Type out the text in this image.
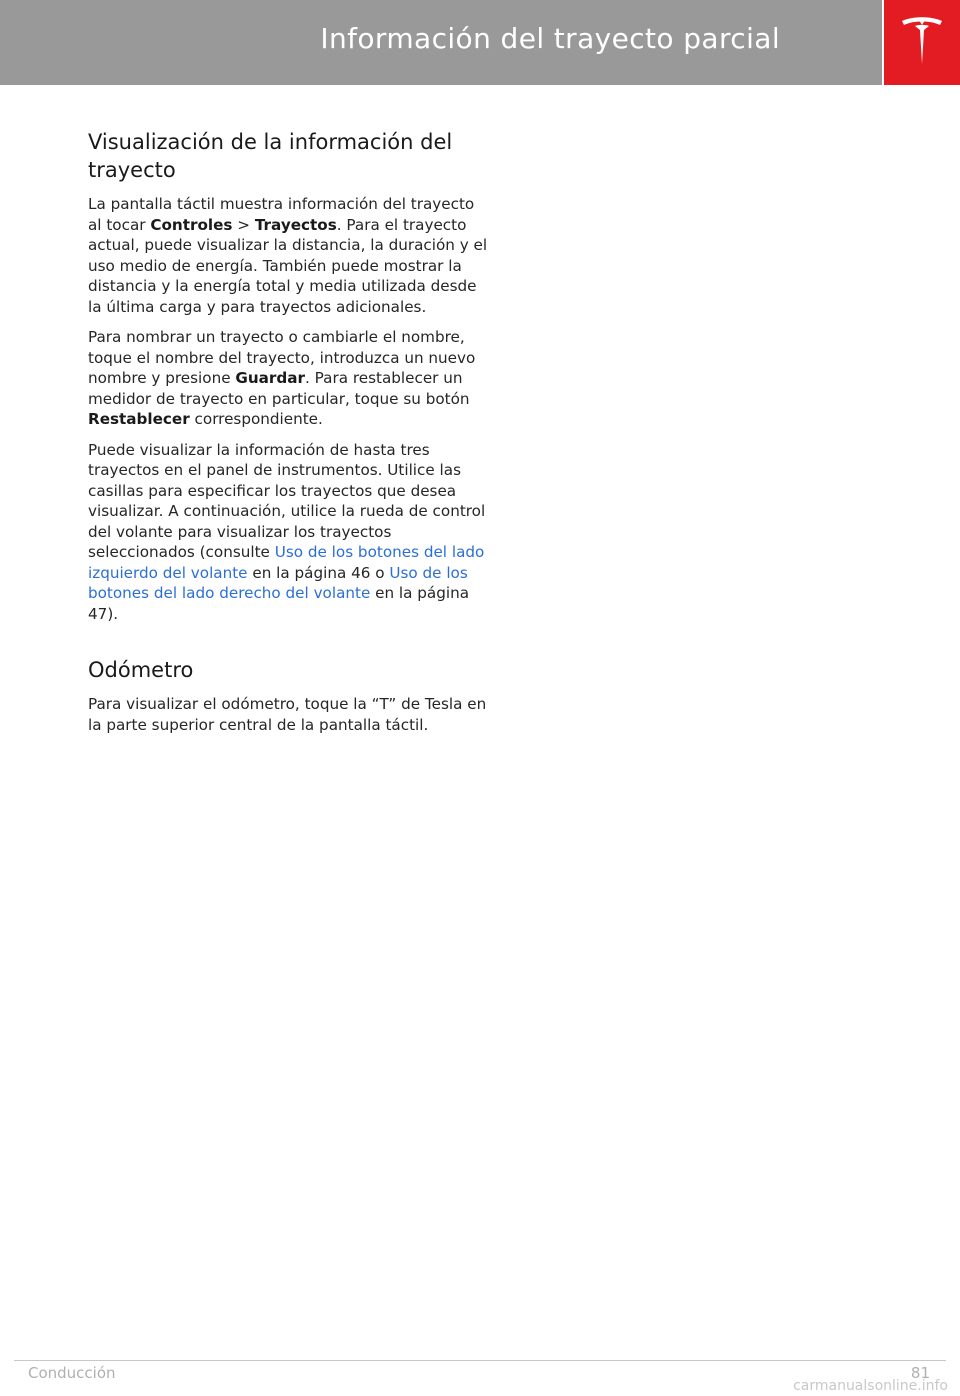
Información del trayecto parcial
Visualización de la información del
trayecto

La pantalla táctil muestra información del trayecto al tocar Controles > Trayectos. Para el trayecto actual, puede visualizar la distancia, la duración y el uso medio de energía. También puede mostrar la distancia y la energía total y media utilizada desde la última carga y para trayectos adicionales.

Para nombrar un trayecto o cambiarle el nombre, toque el nombre del trayecto, introduzca un nuevo nombre y presione Guardar. Para restablecer un medidor de trayecto en particular, toque su botón Restablecer correspondiente.

Puede visualizar la información de hasta tres trayectos en el panel de instrumentos. Utilice las casillas para especificar los trayectos que desea visualizar. A continuación, utilice la rueda de control del volante para visualizar los trayectos seleccionados (consulte Uso de los botones del lado izquierdo del volante en la página 46 o Uso de los botones del lado derecho del volante en la página 47).

Odómetro

Para visualizar el odómetro, toque la “T” de Tesla en la parte superior central de la pantalla táctil.

Conducción	81
carmanualsonline.info
